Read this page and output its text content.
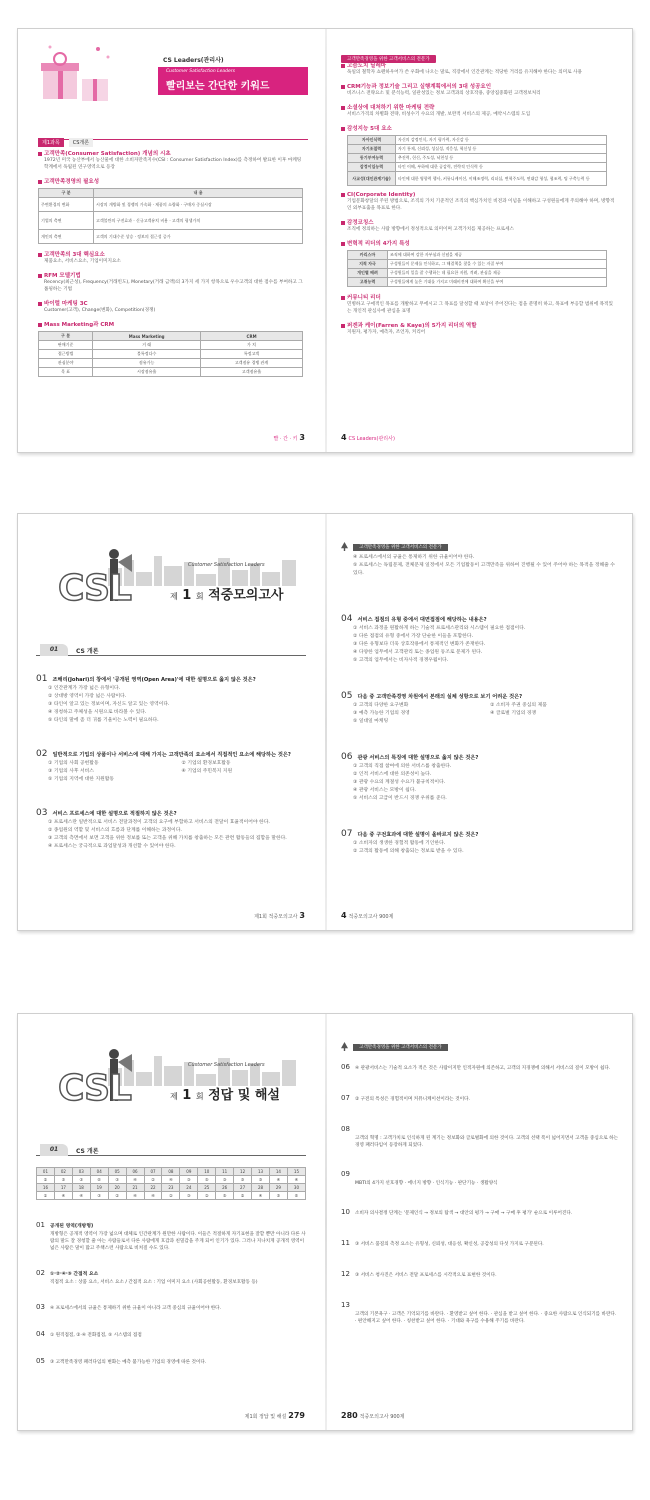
CS Leaders(관리사)
Customer Satisfaction Leaders
빨리보는 간단한 키워드
제1과목	CS개론
고객만족(Consumer Satisfaction) 개념의 시초
1972년 미국 농산부에서 농산물에 대한 소비자만족지수(CSI : Consumer Satisfaction Index)를 측정하여 발표한 이후 마케팅 학계에서 독립된 연구영역으로 등장
고객만족경영의 필요성
구 분	내 용
주변환경의 변화	시장의 개방화 및 경쟁의 가속화 · 제품의 소량화 · 구매자 중심시장
기업의 측면	고객불만의 구전효과 · 신규고객유치 비용 · 고객의 평생가치
개인의 측면	고객의 기대수준 상승 · 정보의 접근성 증가
고객만족의 3대 핵심요소
제품요소, 서비스요소, 기업이미지요소
RFM 모델기법
Recency(최근성), Frequency(거래빈도), Monetary(거래 금액)의 3가지 세 가지 항목으로 우수고객의 대한 점수를 부여하고 그룹핑하는 기법
바이럴 마케팅 3C
Customer(고객), Change(변화), Competition(경쟁)
Mass Marketing과 CRM
구 분	Mass Marketing	CRM
판매기준	거 래	가 치
접근방법	불특정다수	특정고객
관심분야	점유가능	고객점유 경쟁 관계
목 표	시장점유율	고객점유율
빨 · 간 · 키 3
고객만족경영을 위한 고객서비스의 전문가
고슴도치 딜레마
독일의 철학자 쇼펜하우어가 쓴 우화에 나오는 말로, 직장에서 인간관계는 적당한 거리를 유지해야 한다는 의미로 사용
CRM기능과 정보기술 그리고 실행계획에서의 3대 성공요인
비즈니스 전략요소 및 분석능력, 일관성있는 정보 고객과의 상호작용, 중앙집중화된 고객정보처리
소셜상에 대처하기 위한 마케팅 전략
서비스가격의 차별화 전략, 비성수기 수요의 개발, 보완적 서비스의 제공, 예약시스템의 도입
감성지능 5대 요소
자아인식력	자신의 감정인식, 자기 평가력, 자신감 등
자기조절력	자기 통제, 신뢰성, 성실성, 적응성, 혁신성 등
동기부여능력	추진력, 헌신, 주도성, 낙천성 등
감정이입능력	타인 이해, 부하에 대한 공감력, 전략적 인식력 등
사교성(대인관계기술)	타인에 대한 영향력 행사, 커뮤니케이션, 이해조정력, 리더십, 변혁주도력, 연대감 형성, 협조력, 팀 구축능력 등
CI(Corporate Identity)
기업문화창달의 주된 방법으로, 조직의 가치 기준적인 조직의 핵심가치인 비전과 이념을 이해하고 구성원들에게 주의해야 하며, 방향적인 외부표출을 목표로 한다.
감정코칭스
조직에 정의하는 사람 방향에서 정성적으로 의미이며 고객가치를 제공하는 프로세스
변혁적 리더의 4가지 특성
카리스마	조직에 대하여 강한 자부심과 신념을 제공
지적 자극	구성원들이 문제를 인식하고, 그 해결책을 찾을 수 있는 자질 부여
개인별 배려	구성원들의 일을 잘 수행하는 데 필요한 지원, 격려, 관심을 제공
고취능력	구성원들에게 높은 기대를 가지고 미래비전에 대하여 확신을 부여
커뮤니티 리더
민병하고 구애적인 목표를 개발하고 무에시고 그 목표를 달성할 때 보상이 주어진다는 점을 분명히 하고, 목표에 부응할 범위에 목적있는 개인적 관심사에 관심을 표명
퍼겐과 케이(Farren & Kaye)의 5가지 리더의 역할
지원자, 평가자, 예측자, 조언자, 커리어
4 CS Leaders(관리사)
CSL
Customer Satisfaction Leaders
제 1 회 적중모의고사
01	CS 개론
01 조해리(Johari)의 창에서 '공개된 영역(Open Area)'에 대한 설명으로 옳지 않은 것은?
① 인간관계가 가장 넓은 유형이다.
② 상대방 영역이 가장 넓은 사람이다.
③ 타인이 알고 있는 정보이며, 자신도 알고 있는 영역이다.
④ 경청하고 주체성을 시원으로 바라볼 수 있다.
⑤ 타인의 말에 좀 더 귀를 기울이는 노력이 필요하다.
02 일반적으로 기업의 상품이나 서비스에 대해 가지는 고객만족의 요소에서 직접적인 요소에 해당하는 것은?
① 기업의 사회 공헌활동	② 기업의 환경보호활동
③ 기업의 사후 서비스	④ 기업의 주민복지 지원
⑤ 기업의 지역에 대한 지원활동
03 서비스 프로세스에 대한 설명으로 적절하지 않은 것은?
① 프로세스란 일반적으로 서비스 전달과정이 고객의 요구에 부합하고 서비스의 전달이 효율적이어야 한다.
② 종업원의 역할 및 서비스의 흐름과 단계를 이해하는 과정이다.
③ 고객의 측면에서 보면 고객을 위한 정보를 또는 고객을 위해 가치를 창출하는 모든 관련 활동들의 집합을 말한다.
④ 프로세스는 궁극적으로 과업달성과 개선할 수 있어야 한다.
제1회 적중모의고사 3
고객만족경영을 위한 고객서비스의 전문가
④ 프로세스에서의 규율은 통제하기 위한 규율이어야 한다.
⑤ 프로세스는 독립문제, 전체문제 일정에서 모든 기업활동이 고객만족을 위하여 진행될 수 있어 주어야 하는 목적을 정해줄 수 있다.
04 서비스 접점의 유형 중에서 대면접점에 해당하는 내용은?
① 서비스 과정을 원활하게 하는 기술적 프로세스관리와 시스템이 필요한 접점이다.
② 다른 접점의 유형 중에서 가장 단순한 이들을 포함한다.
③ 다른 유형보다 더욱 상호작용에서 통제적인 변화가 존재한다.
④ 다양한 업무에서 고객관리 또는 종업원 동조로 문제가 된다.
⑤ 고객의 업무에서는 비자사적 경쟁우월이다.
05 다음 중 고객만족경영 차원에서 본래의 실체 성항으로 보기 어려운 것은?
① 고객의 다양한 요구변화	② 소비자 주권 중심의 제품
③ 예측 가능한 기업의 경영	④ 글로벌 기업의 경쟁
⑤ 일대일 마케팅
06 관광 서비스의 특징에 대한 설명으로 옳지 않은 것은?
① 고객의 직접 참여에 의한 서비스를 창출한다.
② 인적 서비스에 대한 의존성이 높다.
③ 관광 수요의 계절성 수요가 불규칙적이다.
④ 관광 서비스는 모방이 쉽다.
⑤ 서비스의 고급이 반드시 경쟁 우위를 준다.
07 다음 중 구전효과에 대한 설명이 올바르지 않은 것은?
① 소비자의 생생한 경험적 활동에 기인한다.
② 고객의 활동에 의해 창출되는 정보로 받을 수 있다.
4 적중모의고사 900제
CSL
Customer Satisfaction Leaders
제 1 회 정답 및 해설
01	CS 개론
01	02	03	04	05	06	07	08	09	10	11	12	13	14	15
②	③	③	⑤	③	④	②	④	③	⑤	③	③	③	④	④
16	17	18	19	20	21	22	23	24	25	26	27	28	29	30
①	④	④	③	②	④	④	②	③	②	⑤	②	④	③	⑤
01 공개된 영역(개방형)
개방형은 공개적 영역이 가장 넓으며 대체로 인간관계가 원만한 사람이다. 이들은 적절하게 자기표현을 잘할 뿐만 아니라 다른 사람의 말도 잘 경청할 줄 아는 사람들로서 다른 사람에게 호감과 친밀감을 주게 되어 인기가 있다. 그러나 지나치게 공개적 영역이 넓은 사람은 말이 많고 주책스런 사람으로 비쳐질 수도 있다.
02 ①·②·④·⑤ 간접적 요소
직접적 요소 : 상품 요소, 서비스 요소 / 간접적 요소 : 기업 이미지 요소 (사회공헌활동, 환경보호활동 등)
03 ④ 프로세스에서의 규율은 통제하기 위한 규율이 아니라 고객 중심의 규율이어야 한다.
04 ① 원격접점, ②·④ 전화접점, ⑤ 시스템의 접점
05 ③ 고객만족경영 패러다임의 변화는 예측 불가능한 기업의 경영에 따른 것이다.
제1회 정답 및 해설 279
고객만족경영을 위한 고객서비스의 전문가
06 ④ 관광서비스는 기술적 요소가 적은 것은 사람이지만 인적자원에 의존하고, 고객의 지경쟁에 의해서 서비스의 질이 모방이 쉽다.
07 ② 구전의 특성은 경험적이며 커뮤니케이션이라는 것이다.
08
고객의 혁명 : 고객가치로 인식하게 된 계기는 정보화와 글로벌화에 의한 것이다. 고객의 선택 폭이 넓어지면서 고객을 중심으로 하는 경영 패러다임이 등장하게 되었다.
09
MBTI의 4가지 선호경향 · 에너지 방향 · 인식기능 · 판단기능 · 생활양식
10 소비자 의사결정 단계는 '문제인식 → 정보의 탐색 → 대안의 평가 → 구매 → 구매 후 평가' 순으로 이루어진다.
11 ③ 서비스 품질의 측정 요소는 유형성, 신뢰성, 대응성, 확신성, 공감성의 다섯 가지로 구분된다.
12 ③ 서비스 청사진은 서비스 전달 프로세스를 시각적으로 표현한 것이다.
13
고객의 기본욕구 · 고객은 기억되기를 바란다. · 환영받고 싶어 한다. · 관심을 받고 싶어 한다. · 중요한 사람으로 인식되기를 바란다. · 편안해지고 싶어 한다. · 칭찬받고 싶어 한다. · 기대와 욕구를 수용해 주기를 바란다.
280 적중모의고사 900제
